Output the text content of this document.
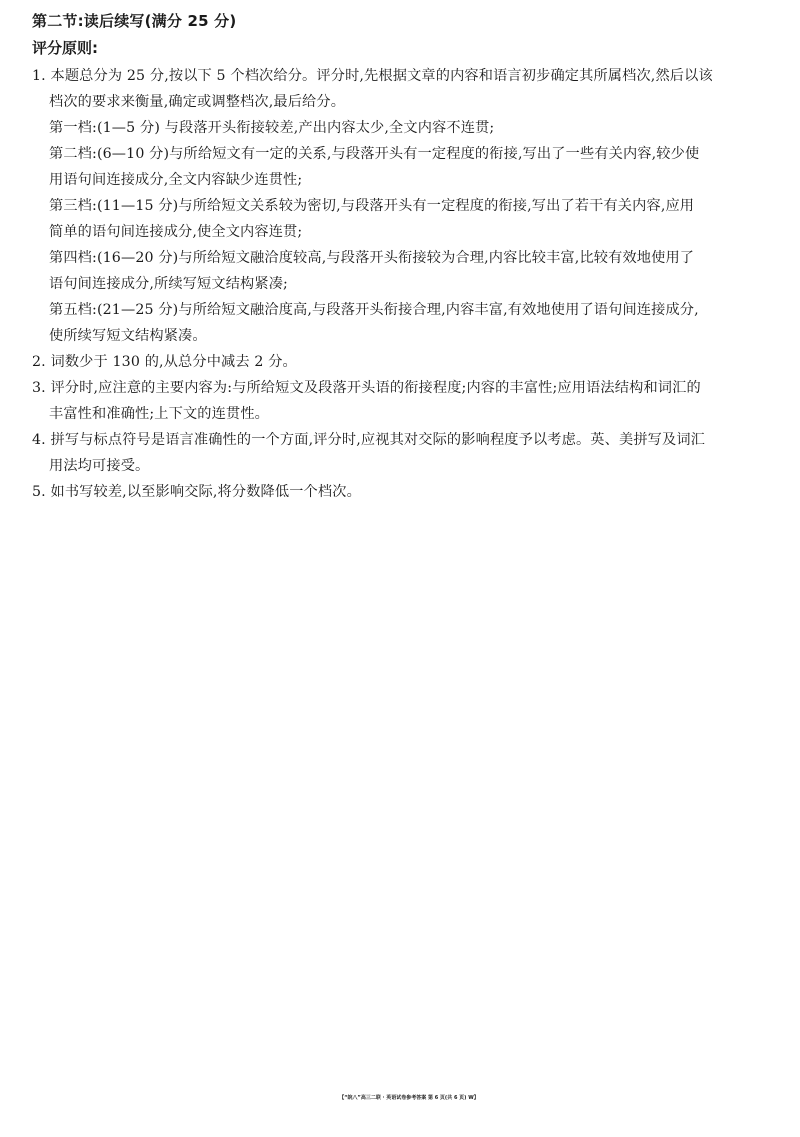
第二节:读后续写(满分 25 分)
评分原则:
1. 本题总分为 25 分,按以下 5 个档次给分。评分时,先根据文章的内容和语言初步确定其所属档次,然后以该
档次的要求来衡量,确定或调整档次,最后给分。
第一档:(1—5 分) 与段落开头衔接较差,产出内容太少,全文内容不连贯;
第二档:(6—10 分)与所给短文有一定的关系,与段落开头有一定程度的衔接,写出了一些有关内容,较少使
用语句间连接成分,全文内容缺少连贯性;
第三档:(11—15 分)与所给短文关系较为密切,与段落开头有一定程度的衔接,写出了若干有关内容,应用
简单的语句间连接成分,使全文内容连贯;
第四档:(16—20 分)与所给短文融洽度较高,与段落开头衔接较为合理,内容比较丰富,比较有效地使用了
语句间连接成分,所续写短文结构紧凑;
第五档:(21—25 分)与所给短文融洽度高,与段落开头衔接合理,内容丰富,有效地使用了语句间连接成分,
使所续写短文结构紧凑。
2. 词数少于 130 的,从总分中减去 2 分。
3. 评分时,应注意的主要内容为:与所给短文及段落开头语的衔接程度;内容的丰富性;应用语法结构和词汇的
丰富性和准确性;上下文的连贯性。
4. 拼写与标点符号是语言准确性的一个方面,评分时,应视其对交际的影响程度予以考虑。英、美拼写及词汇
用法均可接受。
5. 如书写较差,以至影响交际,将分数降低一个档次。
【“皖八”高三二联 · 英语试卷参考答案 第 6 页(共 6 页) W】
